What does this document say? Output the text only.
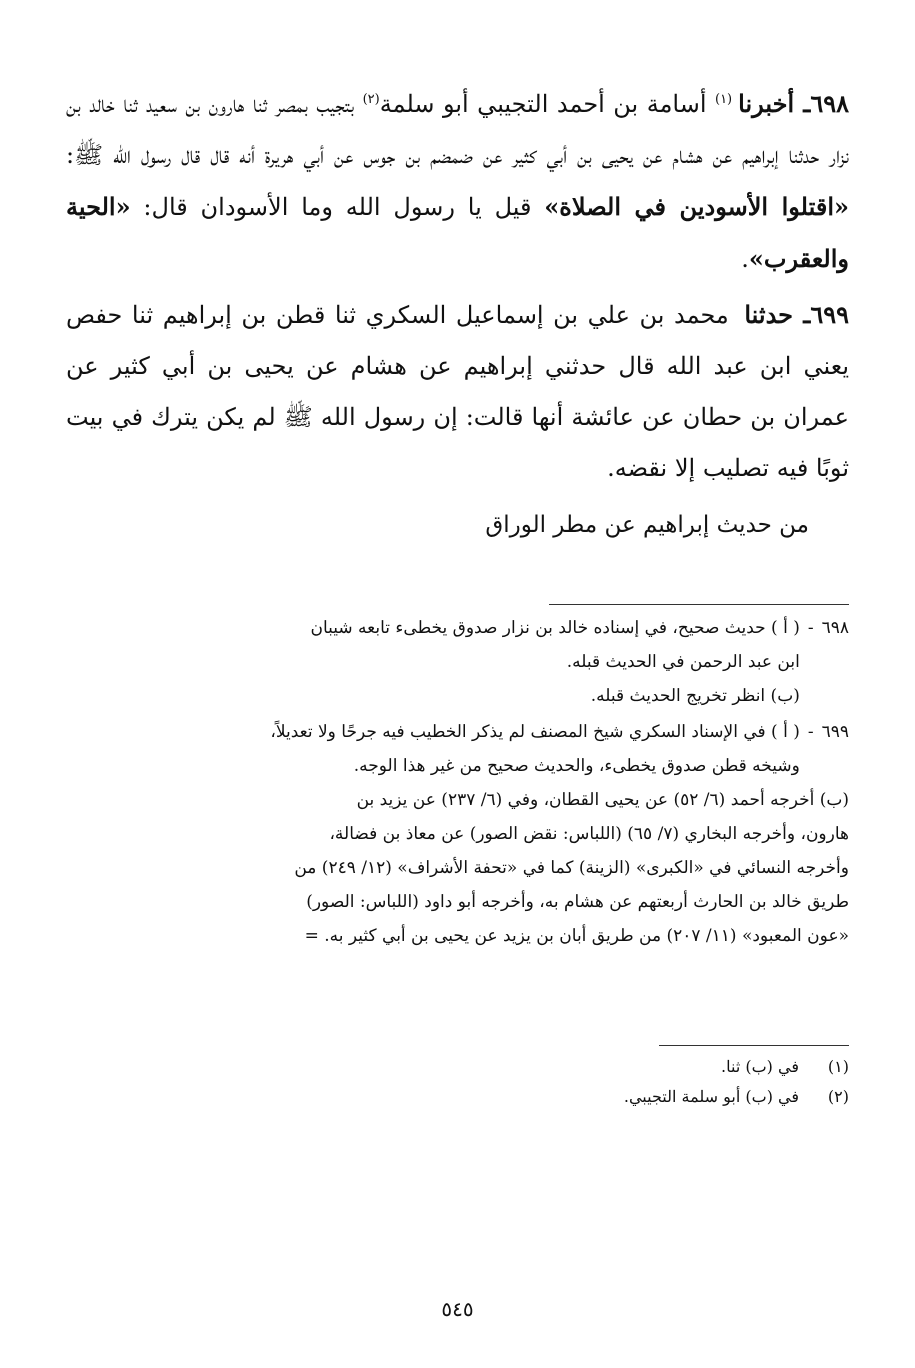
٦٩٨ـ أخبرنا$^{(١)}$ أسامة بن أحمد التجيبي أبو سلمة$^{(٢)}$ بتجيب بمصر ثنا هارون بن سعيد ثنا خالد بن نزار حدثنا إبراهيم عن هشام عن يحيى بن أبي كثير عن ضمضم بن جوس عن أبي هريرة أنه قال قال رسول الله ﷺ: «اقتلوا الأسودين في الصلاة» قيل يا رسول الله وما الأسودان قال: «الحية والعقرب».

٦٩٩ـ حدثنا محمد بن علي بن إسماعيل السكري ثنا قطن بن إبراهيم ثنا حفص يعني ابن عبد الله قال حدثني إبراهيم عن هشام عن يحيى بن أبي كثير عن عمران بن حطان عن عائشة أنها قالت: إن رسول الله ﷺ لم يكن يترك في بيت ثوبًا فيه تصليب إلا نقضه.

من حديث إبراهيم عن مطر الوراق
٦٩٨
-

( أ ) حديث صحيح، في إسناده خالد بن نزار صدوق يخطىء تابعه شيبان

ابن عبد الرحمن في الحديث قبله.

(ب) انظر تخريج الحديث قبله.

٦٩٩
-

( أ ) في الإسناد السكري شيخ المصنف لم يذكر الخطيب فيه جرحًا ولا تعديلاً،

وشيخه قطن صدوق يخطىء، والحديث صحيح من غير هذا الوجه.

(ب) أخرجه أحمد (٦/ ٥٢) عن يحيى القطان، وفي (٦/ ٢٣٧) عن يزيد بن

هارون، وأخرجه البخاري (٧/ ٦٥) (اللباس: نقض الصور) عن معاذ بن فضالة،

وأخرجه النسائي في «الكبرى» (الزينة) كما في «تحفة الأشراف» (١٢/ ٢٤٩) من

طريق خالد بن الحارث أربعتهم عن هشام به، وأخرجه أبو داود (اللباس: الصور)

«عون المعبود» (١١/ ٢٠٧) من طريق أبان بن يزيد عن يحيى بن أبي كثير به. =

(١)
في (ب) ثنا.
(٢)
في (ب) أبو سلمة التجيبي.
٥٤٥
